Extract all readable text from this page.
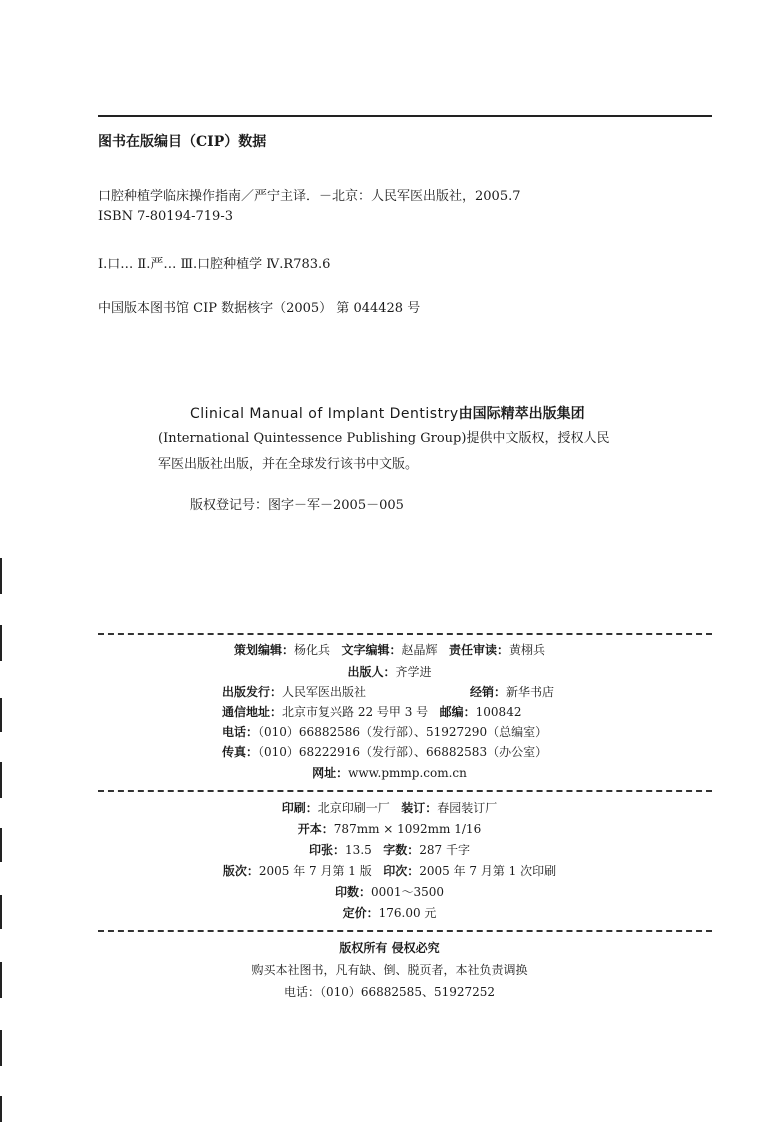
图书在版编目（CIP）数据
口腔种植学临床操作指南／严宁主译．－北京：人民军医出版社，2005.7
ISBN 7-80194-719-3
Ⅰ.口… Ⅱ.严… Ⅲ.口腔种植学 Ⅳ.R783.6
中国版本图书馆 CIP 数据核字（2005） 第 044428 号
Clinical Manual of Implant Dentistry由国际精萃出版集团
(International Quintessence Publishing Group)提供中文版权，授权人民
军医出版社出版，并在全球发行该书中文版。
版权登记号：图字－军－2005－005
策划编辑：杨化兵 文字编辑：赵晶辉 责任审读：黄栩兵
出版人：齐学进
出版发行：人民军医出版社	经销：新华书店
通信地址：北京市复兴路 22 号甲 3 号 邮编：100842
电话：（010）66882586（发行部）、51927290（总编室）
传真：（010）68222916（发行部）、66882583（办公室）
网址：www.pmmp.com.cn
印刷：北京印刷一厂 装订：春园装订厂
开本：787mm × 1092mm 1/16
印张：13.5 字数：287 千字
版次：2005 年 7 月第 1 版 印次：2005 年 7 月第 1 次印刷
印数：0001～3500
定价：176.00 元
版权所有 侵权必究
购买本社图书，凡有缺、倒、脱页者，本社负责调换
电话：（010）66882585、51927252
